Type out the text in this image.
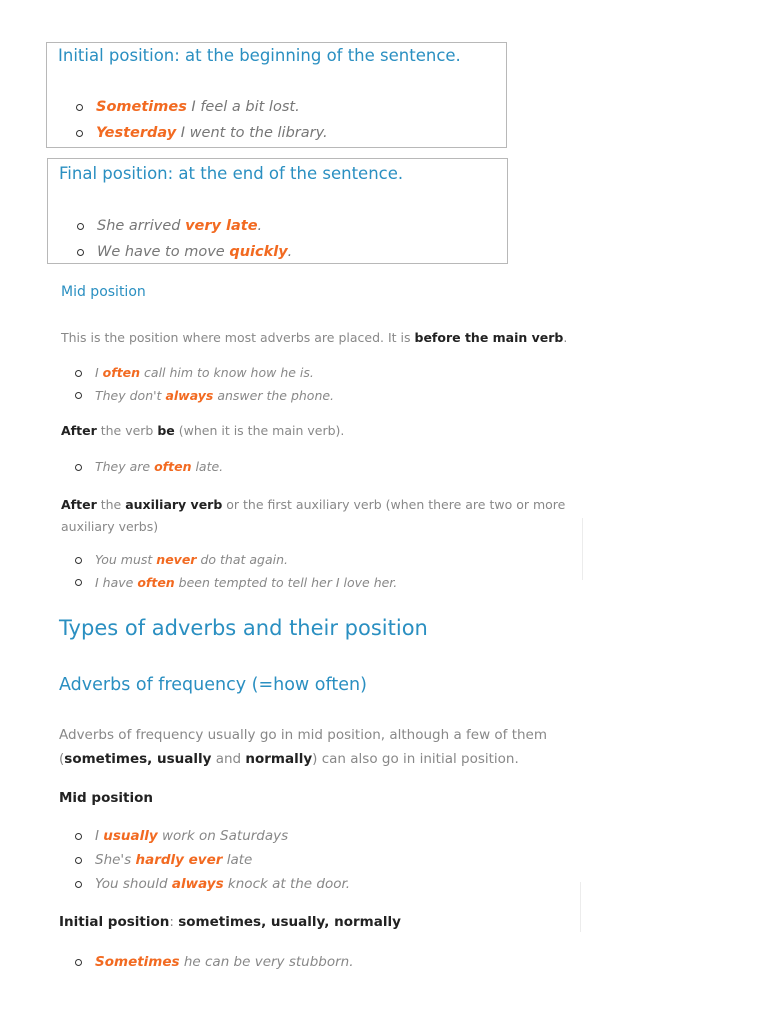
Initial position: at the beginning of the sentence.
Sometimes I feel a bit lost.
Yesterday I went to the library.
Final position: at the end of the sentence.
She arrived very late.
We have to move quickly.
Mid position
This is the position where most adverbs are placed. It is before the main verb.
I often call him to know how he is.
They don't always answer the phone.
After the verb be (when it is the main verb).
They are often late.
After the auxiliary verb or the first auxiliary verb (when there are two or more
auxiliary verbs)
You must never do that again.
I have often been tempted to tell her I love her.
Types of adverbs and their position
Adverbs of frequency (=how often)
Adverbs of frequency usually go in mid position, although a few of them
(sometimes, usually and normally) can also go in initial position.
Mid position
I usually work on Saturdays
She's hardly ever late
You should always knock at the door.
Initial position: sometimes, usually, normally
Sometimes he can be very stubborn.
